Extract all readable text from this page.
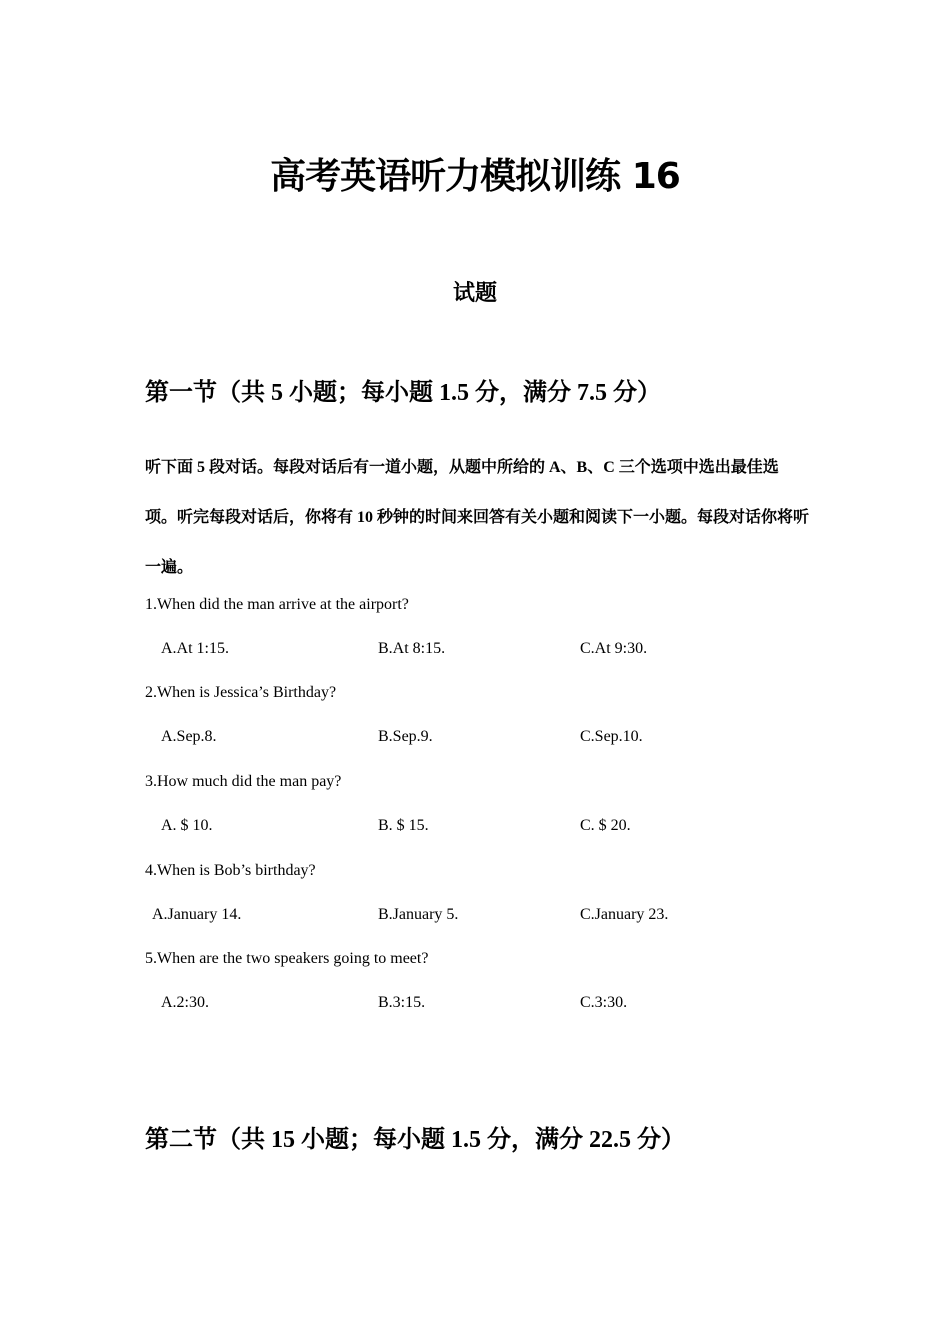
高考英语听力模拟训练 16
试题
第一节（共 5 小题；每小题 1.5 分，满分 7.5 分）

听下面 5 段对话。每段对话后有一道小题，从题中所给的 A、B、C 三个选项中选出最佳选项。听完每段对话后，你将有 10 秒钟的时间来回答有关小题和阅读下一小题。每段对话你将听一遍。

1.When did the man arrive at the airport?
A.At 1:15.	B.At 8:15.	C.At 9:30.
2.When is Jessica’s Birthday?
A.Sep.8.	B.Sep.9.	C.Sep.10.
3.How much did the man pay?
A. $ 10.	B. $ 15.	C. $ 20.
4.When is Bob’s birthday?
A.January 14.	B.January 5.	C.January 23.
5.When are the two speakers going to meet?
A.2:30.	B.3:15.	C.3:30.
第二节（共 15 小题；每小题 1.5 分，满分 22.5 分）
